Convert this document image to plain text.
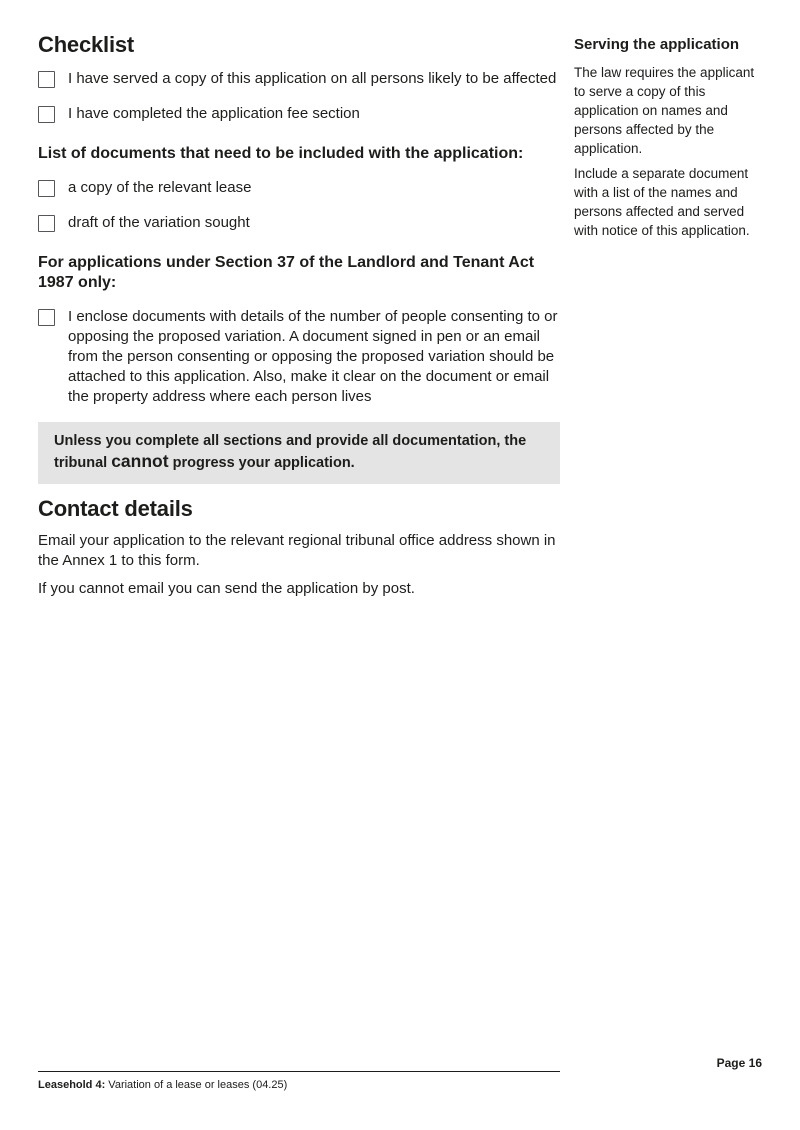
Checklist
I have served a copy of this application on all persons likely to be affected
I have completed the application fee section
List of documents that need to be included with the application:
a copy of the relevant lease
draft of the variation sought
For applications under Section 37 of the Landlord and Tenant Act 1987 only:
I enclose documents with details of the number of people consenting to or opposing the proposed variation. A document signed in pen or an email from the person consenting or opposing the proposed variation should be attached to this application. Also, make it clear on the document or email the property address where each person lives
Unless you complete all sections and provide all documentation, the tribunal cannot progress your application.
Contact details

Email your application to the relevant regional tribunal office address shown in the Annex 1 to this form.

If you cannot email you can send the application by post.

Serving the application

The law requires the applicant to serve a copy of this application on names and persons affected by the application.

Include a separate document with a list of the names and persons affected and served with notice of this application.

Page 16
Leasehold 4: Variation of a lease or leases (04.25)
